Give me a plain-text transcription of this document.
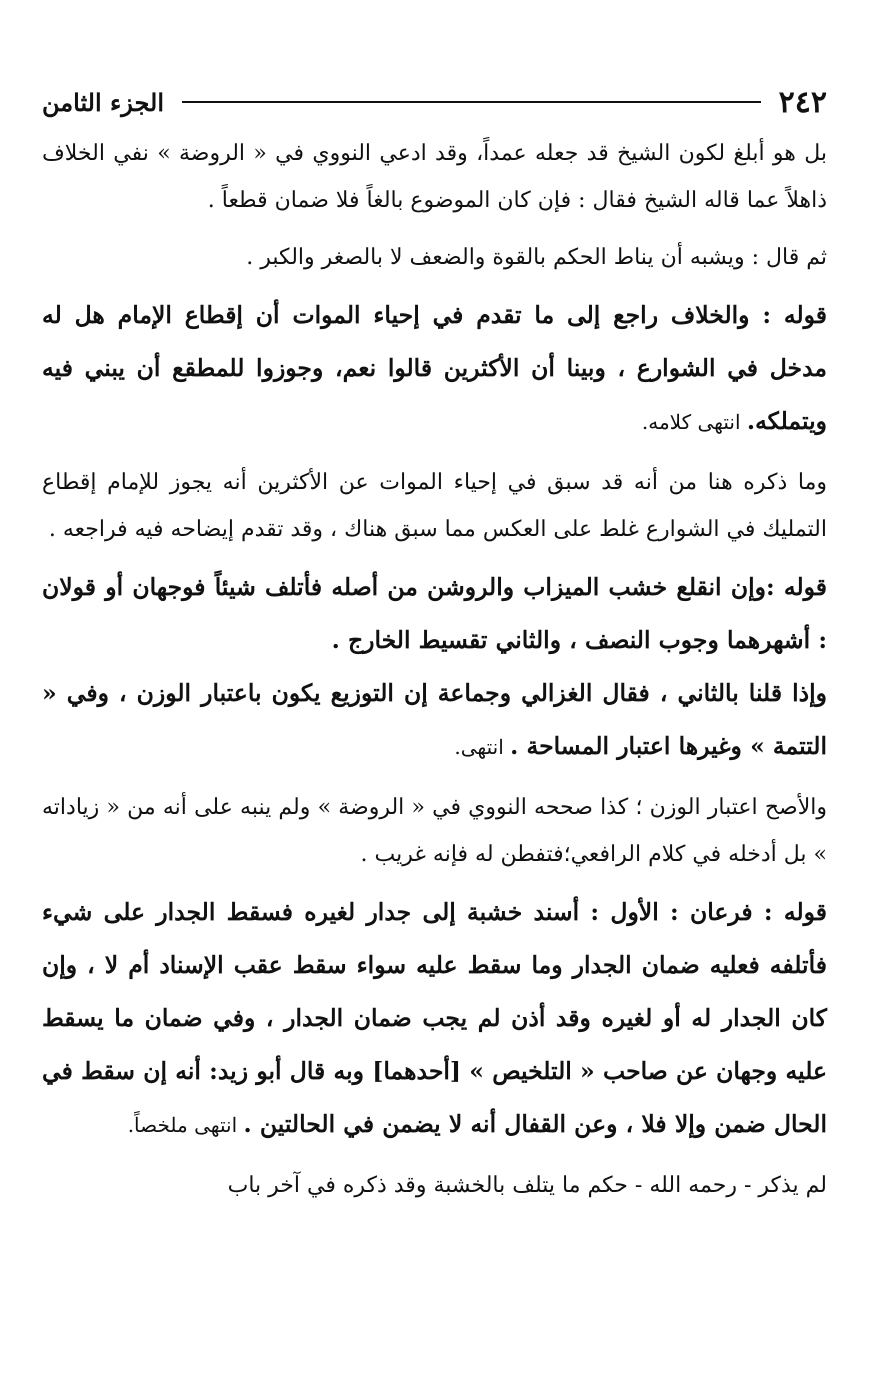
٢٤٢
الجزء الثامن

بل هو أبلغ لكون الشيخ قد جعله عمداً، وقد ادعي النووي في « الروضة » نفي الخلاف ذاهلاً عما قاله الشيخ فقال : فإن كان الموضوع بالغاً فلا ضمان قطعاً .

ثم قال : ويشبه أن يناط الحكم بالقوة والضعف لا بالصغر والكبر .

قوله : والخلاف راجع إلى ما تقدم في إحياء الموات أن إقطاع الإمام هل له مدخل في الشوارع ، وبينا أن الأكثرين قالوا نعم، وجوزوا للمطقع أن يبني فيه ويتملكه. انتهى كلامه.

وما ذكره هنا من أنه قد سبق في إحياء الموات عن الأكثرين أنه يجوز للإمام إقطاع التمليك في الشوارع غلط على العكس مما سبق هناك ، وقد تقدم إيضاحه فيه فراجعه .

قوله :وإن انقلع خشب الميزاب والروشن من أصله فأتلف شيئاً فوجهان أو قولان : أشهرهما وجوب النصف ، والثاني تقسيط الخارج .

وإذا قلنا بالثاني ، فقال الغزالي وجماعة إن التوزيع يكون باعتبار الوزن ، وفي « التتمة » وغيرها اعتبار المساحة . انتهى.

والأصح اعتبار الوزن ؛ كذا صححه النووي في « الروضة » ولم ينبه على أنه من « زياداته » بل أدخله في كلام الرافعي؛فتفطن له فإنه غريب .

قوله : فرعان : الأول : أسند خشبة إلى جدار لغيره فسقط الجدار على شيء فأتلفه فعليه ضمان الجدار وما سقط عليه سواء سقط عقب الإسناد أم لا ، وإن كان الجدار له أو لغيره وقد أذن لم يجب ضمان الجدار ، وفي ضمان ما يسقط عليه وجهان عن صاحب « التلخيص » [أحدهما] وبه قال أبو زيد: أنه إن سقط في الحال ضمن وإلا فلا ، وعن القفال أنه لا يضمن في الحالتين . انتهى ملخصاً.

لم يذكر - رحمه الله - حكم ما يتلف بالخشبة وقد ذكره في آخر باب
